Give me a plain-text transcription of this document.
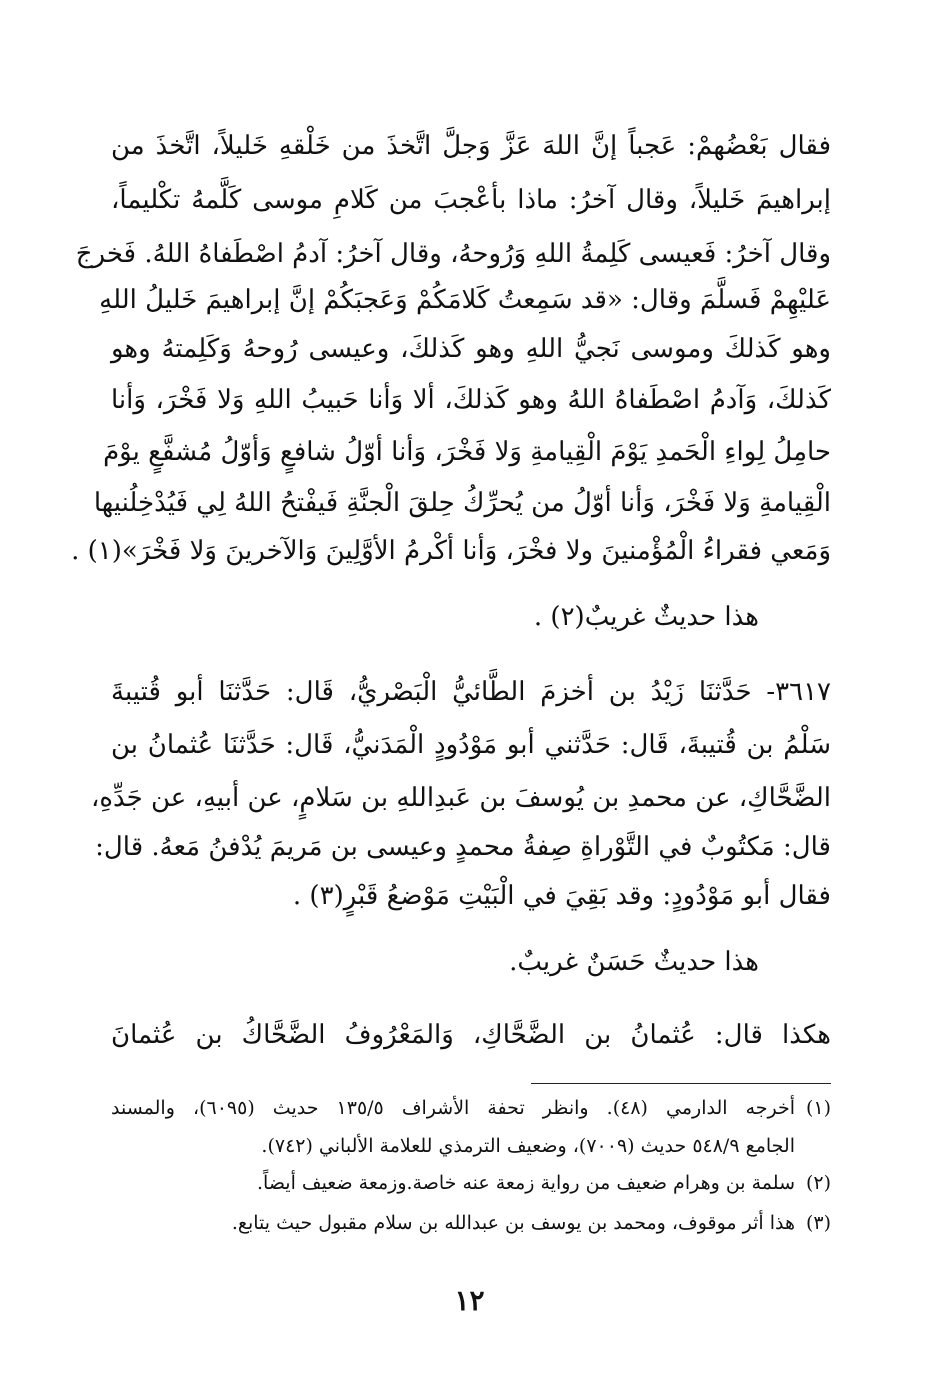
فقال بَعْضُهمْ: عَجباً إنَّ اللهَ عَزَّ وَجلَّ اتَّخذَ من خَلْقهِ خَليلاً، اتَّخذَ من
إبراهيمَ خَليلاً، وقال آخرُ: ماذا بأعْجبَ من كَلامِ موسى كَلَّمهُ تكْليماً،
وقال آخرُ: فَعيسى كَلِمةُ اللهِ وَرُوحهُ، وقال آخرُ: آدمُ اصْطَفاهُ اللهُ. فَخرجَ
عَليْهِمْ فَسلَّمَ وقال: «قد سَمِعتُ كَلامَكُمْ وَعَجبَكُمْ إنَّ إبراهيمَ خَليلُ اللهِ
وهو كَذلكَ وموسى نَجيُّ اللهِ وهو كَذلكَ، وعيسى رُوحهُ وَكَلِمتهُ وهو
كَذلكَ، وَآدمُ اصْطَفاهُ اللهُ وهو كَذلكَ، ألا وَأنا حَبيبُ اللهِ وَلا فَخْرَ، وَأنا
حامِلُ لِواءِ الْحَمدِ يَوْمَ الْقِيامةِ وَلا فَخْرَ، وَأنا أوّلُ شافعٍ وَأوّلُ مُشفَّعٍ يوْمَ
الْقِيامةِ وَلا فَخْرَ، وَأنا أوّلُ من يُحرِّكُ حِلقَ الْجنَّةِ فَيفْتحُ اللهُ لِي فَيُدْخِلُنيها
وَمَعي فقراءُ الْمُؤْمنينَ ولا فخْرَ، وَأنا أكْرمُ الأوَّلِينَ وَالآخرينَ وَلا فَخْرَ»(١) .
هذا حديثٌ غريبٌ(٢) .
٣٦١٧- حَدَّثنَا زَيْدُ بن أخزمَ الطَّائيُّ الْبَصْريُّ، قَال: حَدَّثنَا أبو قُتيبةَ
سَلْمُ بن قُتيبةَ، قَال: حَدَّثني أبو مَوْدُودٍ الْمَدَنيُّ، قَال: حَدَّثنَا عُثمانُ بن
الضَّحَّاكِ، عن محمدِ بن يُوسفَ بن عَبدِاللهِ بن سَلامٍ، عن أبيهِ، عن جَدِّهِ،
قال: مَكتُوبٌ في التَّوْراةِ صِفةُ محمدٍ وعيسى بن مَريمَ يُدْفنُ مَعهُ. قال:
فقال أبو مَوْدُودٍ: وقد بَقِيَ في الْبَيْتِ مَوْضعُ قَبْرٍ(٣) .
هذا حديثٌ حَسَنٌ غريبٌ.
هكذا قال: عُثمانُ بن الضَّحَّاكِ، وَالمَعْرُوفُ الضَّحَّاكُ بن عُثمانَ
(١)
أخرجه الدارمي (٤٨). وانظر تحفة الأشراف ١٣٥/٥ حديث (٦٠٩٥)، والمسند
الجامع ٥٤٨/٩ حديث (٧٠٠٩)، وضعيف الترمذي للعلامة الألباني (٧٤٢).
(٢)
سلمة بن وهرام ضعيف من رواية زمعة عنه خاصة.وزمعة ضعيف أيضاً.
(٣)
هذا أثر موقوف، ومحمد بن يوسف بن عبدالله بن سلام مقبول حيث يتابع.
١٢
